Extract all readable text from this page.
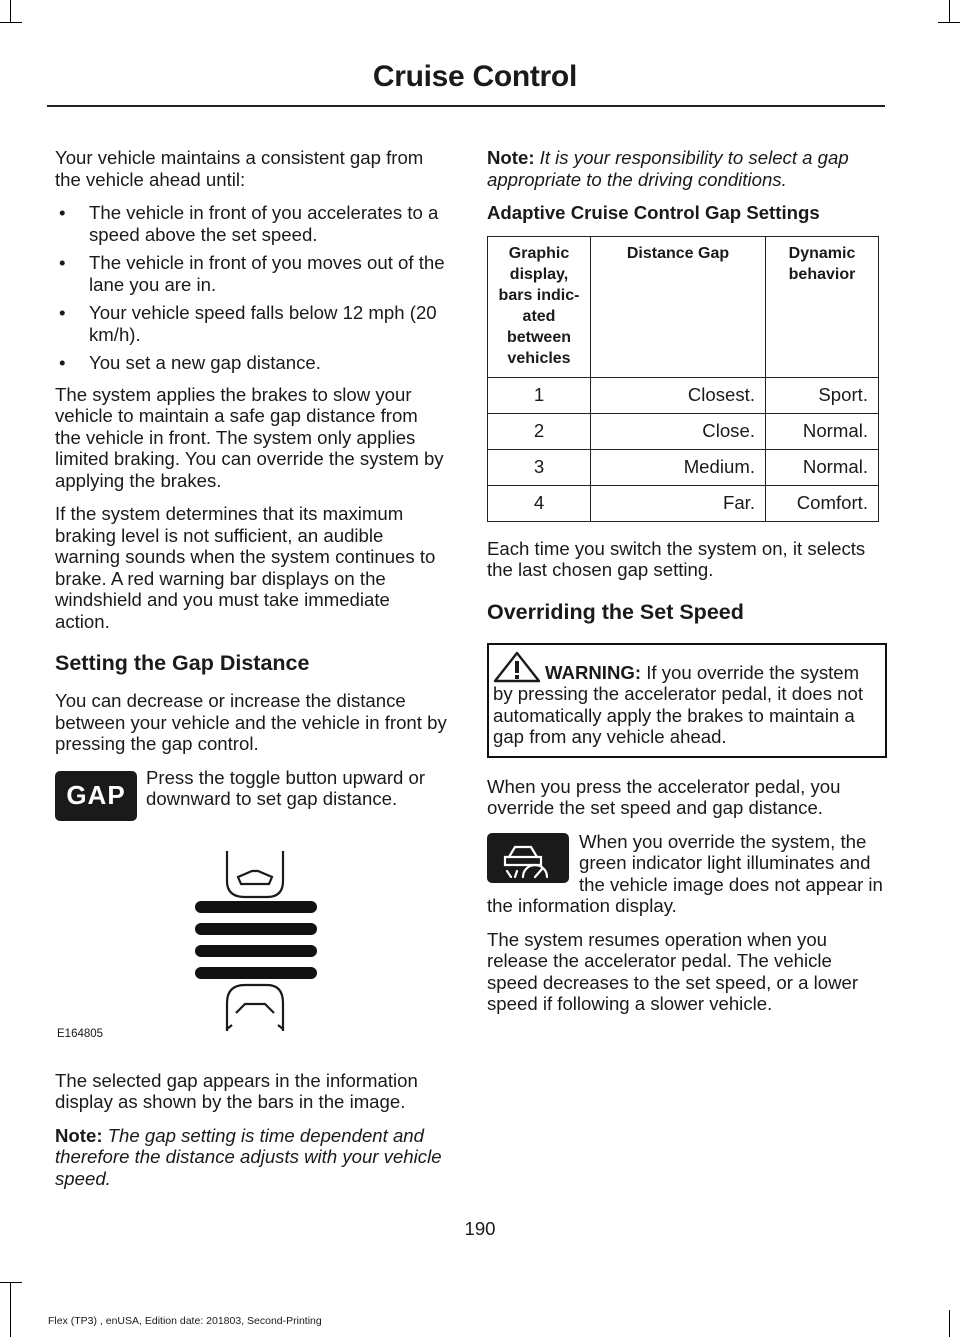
Cruise Control

Your vehicle maintains a consistent gap from the vehicle ahead until:

• The vehicle in front of you accelerates to a speed above the set speed.
• The vehicle in front of you moves out of the lane you are in.
• Your vehicle speed falls below 12 mph (20 km/h).
• You set a new gap distance.

The system applies the brakes to slow your vehicle to maintain a safe gap distance from the vehicle in front. The system only applies limited braking. You can override the system by applying the brakes.

If the system determines that its maximum braking level is not sufficient, an audible warning sounds when the system continues to brake. A red warning bar displays on the windshield and you must take immediate action.

Setting the Gap Distance

You can decrease or increase the distance between your vehicle and the vehicle in front by pressing the gap control.

GAP
Press the toggle button upward or downward to set gap distance.
E164805

The selected gap appears in the information display as shown by the bars in the image.

Note: The gap setting is time dependent and therefore the distance adjusts with your vehicle speed.

Note: It is your responsibility to select a gap appropriate to the driving conditions.

Adaptive Cruise Control Gap Settings
Graphic display, bars indic-ated between vehicles	Distance Gap	Dynamic behavior
1	Closest.	Sport.
2	Close.	Normal.
3	Medium.	Normal.
4	Far.	Comfort.

Each time you switch the system on, it selects the last chosen gap setting.

Overriding the Set Speed
WARNING: If you override the system by pressing the accelerator pedal, it does not automatically apply the brakes to maintain a gap from any vehicle ahead.

When you press the accelerator pedal, you override the set speed and gap distance.

When you override the system, the green indicator light illuminates and the vehicle image does not appear in the information display.

The system resumes operation when you release the accelerator pedal. The vehicle speed decreases to the set speed, or a lower speed if following a slower vehicle.

190
Flex (TP3) , enUSA, Edition date: 201803, Second-Printing
